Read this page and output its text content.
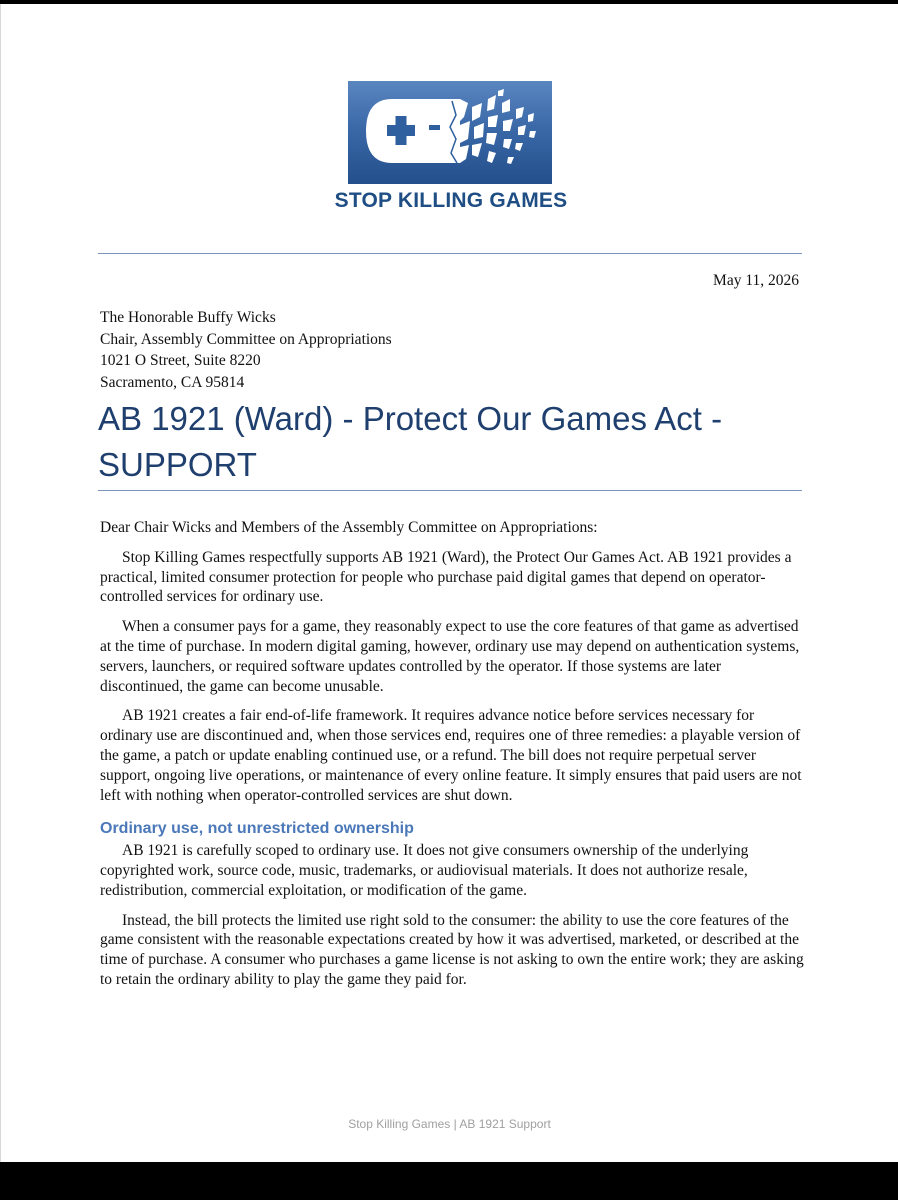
STOP KILLING GAMES
May 11, 2026
The Honorable Buffy Wicks
Chair, Assembly Committee on Appropriations
1021 O Street, Suite 8220
Sacramento, CA 95814
AB 1921 (Ward) - Protect Our Games Act -
SUPPORT

Dear Chair Wicks and Members of the Assembly Committee on Appropriations:

Stop Killing Games respectfully supports AB 1921 (Ward), the Protect Our Games Act. AB 1921 provides a practical, limited consumer protection for people who purchase paid digital games that depend on operator-controlled services for ordinary use.

When a consumer pays for a game, they reasonably expect to use the core features of that game as advertised at the time of purchase. In modern digital gaming, however, ordinary use may depend on authentication systems, servers, launchers, or required software updates controlled by the operator. If those systems are later discontinued, the game can become unusable.

AB 1921 creates a fair end-of-life framework. It requires advance notice before services necessary for ordinary use are discontinued and, when those services end, requires one of three remedies: a playable version of the game, a patch or update enabling continued use, or a refund. The bill does not require perpetual server support, ongoing live operations, or maintenance of every online feature. It simply ensures that paid users are not left with nothing when operator-controlled services are shut down.

Ordinary use, not unrestricted ownership

AB 1921 is carefully scoped to ordinary use. It does not give consumers ownership of the underlying copyrighted work, source code, music, trademarks, or audiovisual materials. It does not authorize resale, redistribution, commercial exploitation, or modification of the game.

Instead, the bill protects the limited use right sold to the consumer: the ability to use the core features of the game consistent with the reasonable expectations created by how it was advertised, marketed, or described at the time of purchase. A consumer who purchases a game license is not asking to own the entire work; they are asking to retain the ordinary ability to play the game they paid for.

Stop Killing Games | AB 1921 Support
